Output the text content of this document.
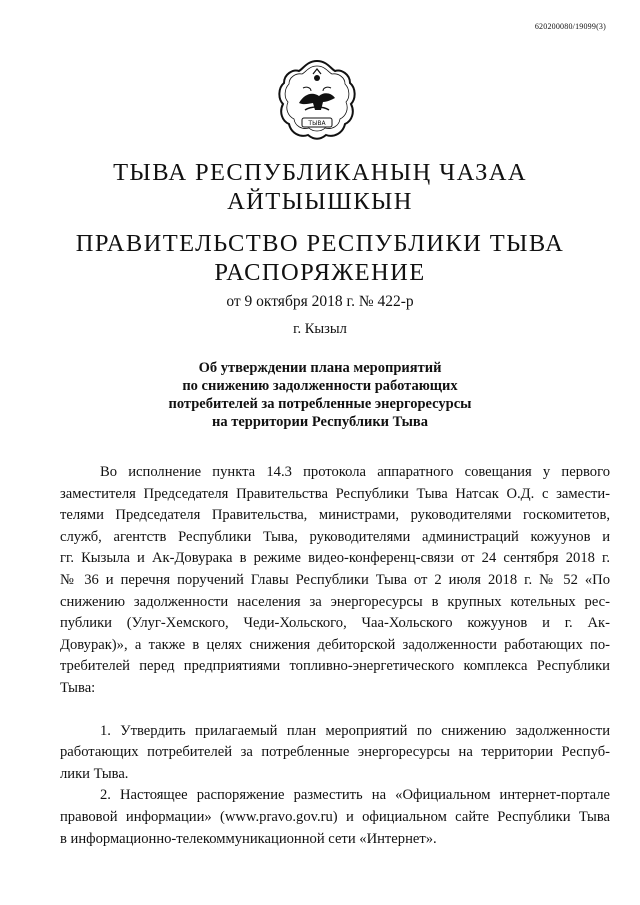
620200080/19099(3)
ТЫВА
ТЫВА РЕСПУБЛИКАНЫҢ ЧАЗАА
АЙТЫЫШКЫН
ПРАВИТЕЛЬСТВО РЕСПУБЛИКИ ТЫВА
РАСПОРЯЖЕНИЕ
от 9 октября 2018 г. № 422-р
г. Кызыл
Об утверждении плана мероприятий
по снижению задолженности работающих
потребителей за потребленные энергоресурсы
на территории Республики Тыва
Во исполнение пункта 14.3 протокола аппаратного совещания у первого
заместителя Председателя Правительства Республики Тыва Натсак О.Д. с замести-
телями Председателя Правительства, министрами, руководителями госкомитетов,
служб, агентств Республики Тыва, руководителями администраций кожуунов и
гг. Кызыла и Ак-Довурака в режиме видео-конференц-связи от 24 сентября 2018 г.
№ 36 и перечня поручений Главы Республики Тыва от 2 июля 2018 г. № 52 «По
снижению задолженности населения за энергоресурсы в крупных котельных рес-
публики (Улуг-Хемского, Чеди-Хольского, Чаа-Хольского кожуунов и г. Ак-
Довурак)», а также в целях снижения дебиторской задолженности работающих по-
требителей перед предприятиями топливно-энергетического комплекса Республики
Тыва:
1. Утвердить прилагаемый план мероприятий по снижению задолженности
работающих потребителей за потребленные энергоресурсы на территории Респуб-
лики Тыва.
2. Настоящее распоряжение разместить на «Официальном интернет-портале
правовой информации» (www.pravo.gov.ru) и официальном сайте Республики Тыва
в информационно-телекоммуникационной сети «Интернет».
